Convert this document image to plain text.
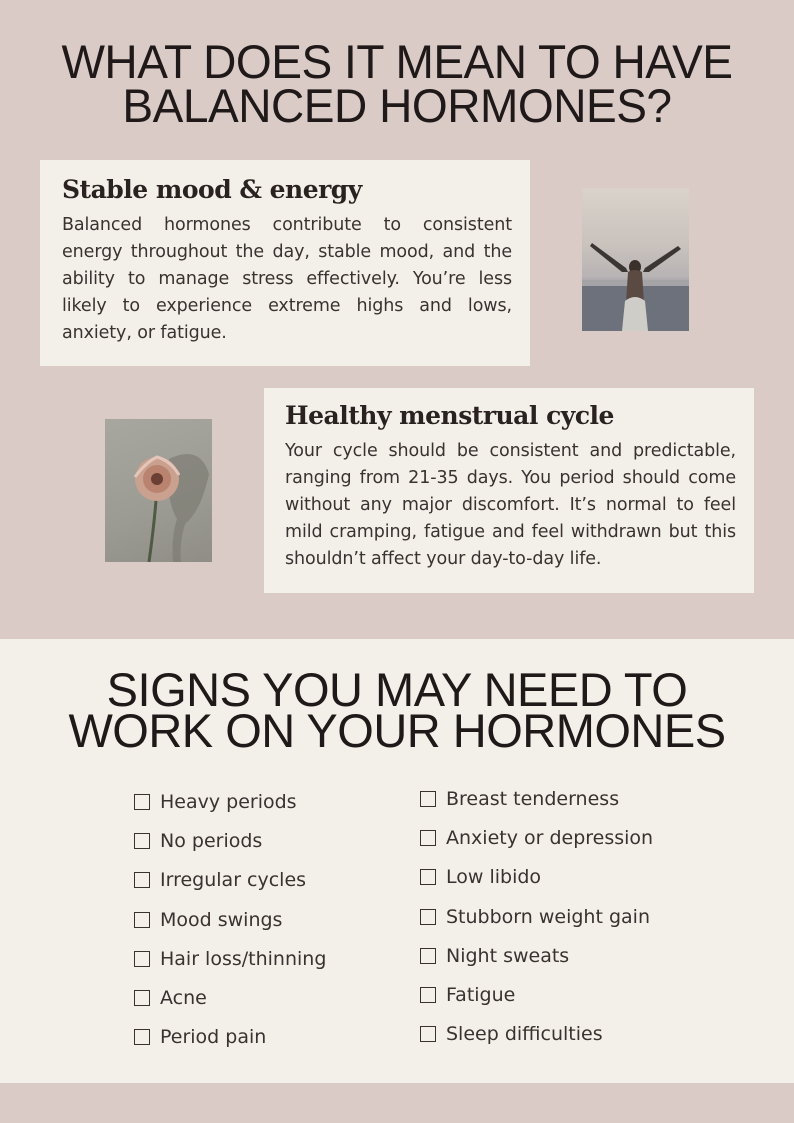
WHAT DOES IT MEAN TO HAVE
BALANCED HORMONES?
Stable mood & energy

Balanced hormones contribute to consistent energy throughout the day, stable mood, and the ability to manage stress effectively. You’re less likely to experience extreme highs and lows, anxiety, or fatigue.

Healthy menstrual cycle

Your cycle should be consistent and predictable, ranging from 21-35 days. You period should come without any major discomfort. It’s normal to feel mild cramping, fatigue and feel withdrawn but this shouldn’t affect your day-to-day life.

SIGNS YOU MAY NEED TO
WORK ON YOUR HORMONES
Heavy periods
No periods
Irregular cycles
Mood swings
Hair loss/thinning
Acne
Period pain
Breast tenderness
Anxiety or depression
Low libido
Stubborn weight gain
Night sweats
Fatigue
Sleep difficulties
